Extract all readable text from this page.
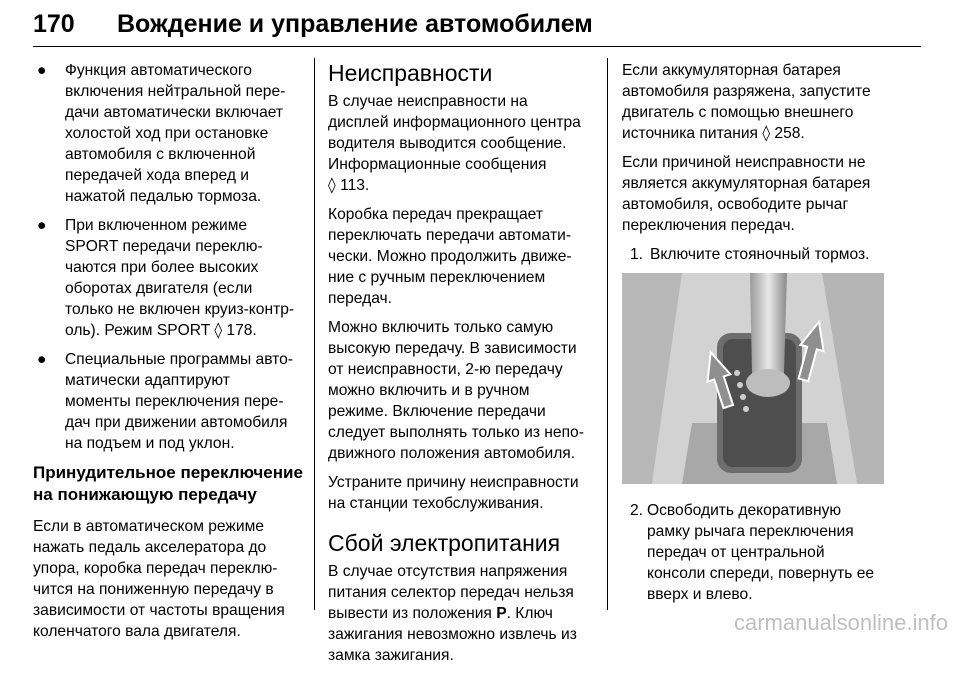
170 Вождение и управление автомобилем
● Функция автоматического
включения нейтральной пере‐
дачи автоматически включает
холостой ход при остановке
автомобиля с включенной
передачей хода вперед и
нажатой педалью тормоза.
● При включенном режиме
SPORT передачи переклю‐
чаются при более высоких
оборотах двигателя (если
только не включен круиз-контр‐
оль). Режим SPORT ◊ 178.
● Специальные программы авто‐
матически адаптируют
моменты переключения пере‐
дач при движении автомобиля
на подъем и под уклон.
Принудительное переключение
на понижающую передачу

Если в автоматическом режиме
нажать педаль акселератора до
упора, коробка передач переклю‐
чится на пониженную передачу в
зависимости от частоты вращения
коленчатого вала двигателя.

Неисправности

В случае неисправности на
дисплей информационного центра
водителя выводится сообщение.
Информационные сообщения
◊ 113.

Коробка передач прекращает
переключать передачи автомати‐
чески. Можно продолжить движе‐
ние с ручным переключением
передач.

Можно включить только самую
высокую передачу. В зависимости
от неисправности, 2-ю передачу
можно включить и в ручном
режиме. Включение передачи
следует выполнять только из непо‐
движного положения автомобиля.

Устраните причину неисправности
на станции техобслуживания.

Сбой электропитания

В случае отсутствия напряжения
питания селектор передач нельзя
вывести из положения P. Ключ
зажигания невозможно извлечь из
замка зажигания.

Если аккумуляторная батарея
автомобиля разряжена, запустите
двигатель с помощью внешнего
источника питания ◊ 258.

Если причиной неисправности не
является аккумуляторная батарея
автомобиля, освободите рычаг
переключения передач.

1. Включите стояночный тормоз.
2. Освободить декоративную
рамку рычага переключения
передач от центральной
консоли спереди, повернуть ее
вверх и влево.
carmanualsonline.info
